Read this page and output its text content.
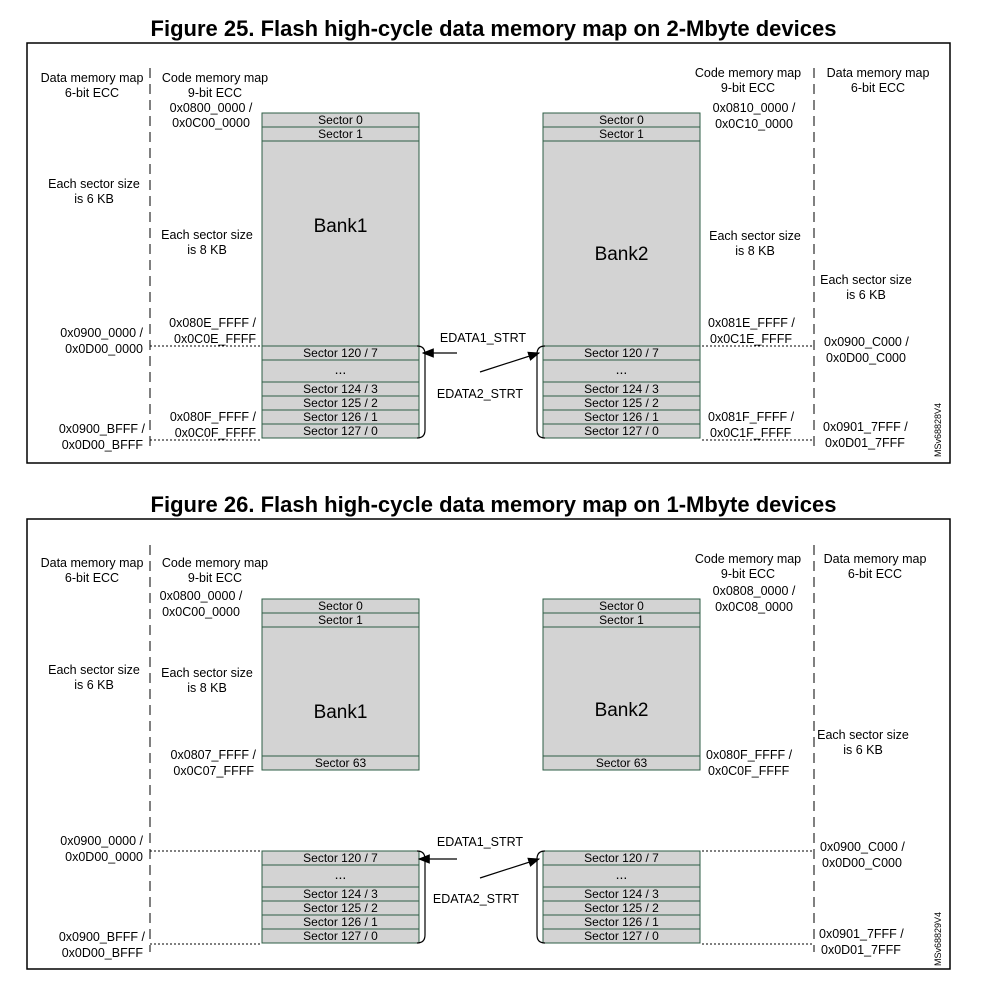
Figure 25. Flash high-cycle data memory map on 2-Mbyte devices
Figure 26. Flash high-cycle data memory map on 1-Mbyte devices
Data memory map
6-bit ECC
Each sector size
is 6 KB
0x0900_0000 /
0x0D00_0000
0x0900_BFFF /
0x0D00_BFFF
Code memory map
9-bit ECC
0x0800_0000 /
0x0C00_0000
Each sector size
is 8 KB
0x080E_FFFF /
0x0C0E_FFFF
0x080F_FFFF /
0x0C0F_FFFF
Code memory map
9-bit ECC
0x0810_0000 /
0x0C10_0000
Each sector size
is 8 KB
0x081E_FFFF /
0x0C1E_FFFF
0x081F_FFFF /
0x0C1F_FFFF
Data memory map
6-bit ECC
Each sector size
is 6 KB
0x0900_C000 /
0x0D00_C000
0x0901_7FFF /
0x0D01_7FFF
Sector 0
Sector 1
Bank1
Sector 120 / 7
...
Sector 124 / 3
Sector 125 / 2
Sector 126 / 1
Sector 127 / 0
Sector 0
Sector 1
Bank2
Sector 120 / 7
...
Sector 124 / 3
Sector 125 / 2
Sector 126 / 1
Sector 127 / 0
EDATA1_STRT
EDATA2_STRT
MSv68828V4
Data memory map
6-bit ECC
Each sector size
is 6 KB
0x0900_0000 /
0x0D00_0000
0x0900_BFFF /
0x0D00_BFFF
Code memory map
9-bit ECC
0x0800_0000 /
0x0C00_0000
Each sector size
is 8 KB
0x0807_FFFF /
0x0C07_FFFF
Code memory map
9-bit ECC
0x0808_0000 /
0x0C08_0000
0x080F_FFFF /
0x0C0F_FFFF
Data memory map
6-bit ECC
Each sector size
is 6 KB
0x0900_C000 /
0x0D00_C000
0x0901_7FFF /
0x0D01_7FFF
Sector 0
Sector 1
Bank1
Sector 63
Sector 0
Sector 1
Bank2
Sector 63
Sector 120 / 7
...
Sector 124 / 3
Sector 125 / 2
Sector 126 / 1
Sector 127 / 0
Sector 120 / 7
...
Sector 124 / 3
Sector 125 / 2
Sector 126 / 1
Sector 127 / 0
EDATA1_STRT
EDATA2_STRT
MSv68829V4
